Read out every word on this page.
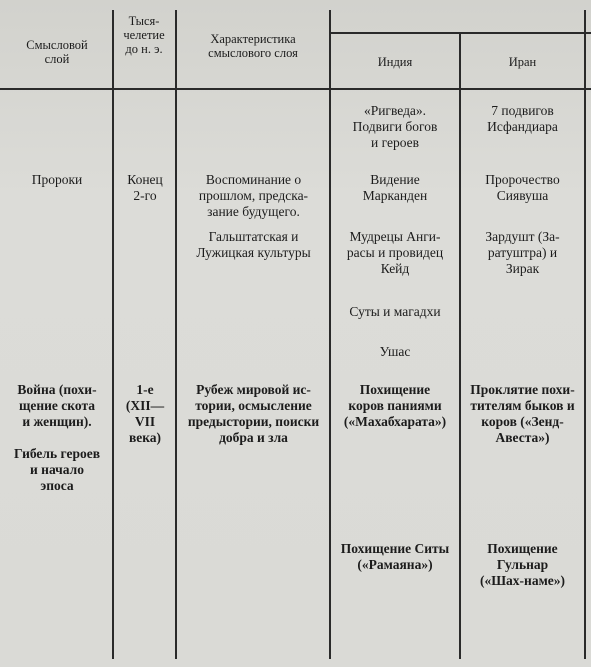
Смысловой слой
Тыся-
челетие
до н. э.
Характеристика
смыслового слоя
Индия	Иран
Пророки	Конец
2-го
Воспоминание о
прошлом, предска-
зание будущего.
Гальштатская и
Лужицкая культуры
«Ригведа».
Подвиги богов
и героев
Видение
Марканден
Мудрецы Анги-
расы и провидец
Кейд
Суты и магадхи
Ушас
7 подвигов
Исфандиара
Пророчество
Сиявуша
Зардушт (За-
ратуштра) и
Зирак
Война (похи-
щение скота
и женщин).
Гибель героев
и начало
эпоса
1-е
(XII—
VII
века)
Рубеж мировой ис-
тории, осмысление
предыстории, поиски
добра и зла
Похищение
коров паниями
(«Махабхарата»)
Похищение Ситы
(«Рамаяна»)
Проклятие похи-
тителям быков и
коров («Зенд-
Авеста»)
Похищение
Гульнар
(«Шах-наме»)
